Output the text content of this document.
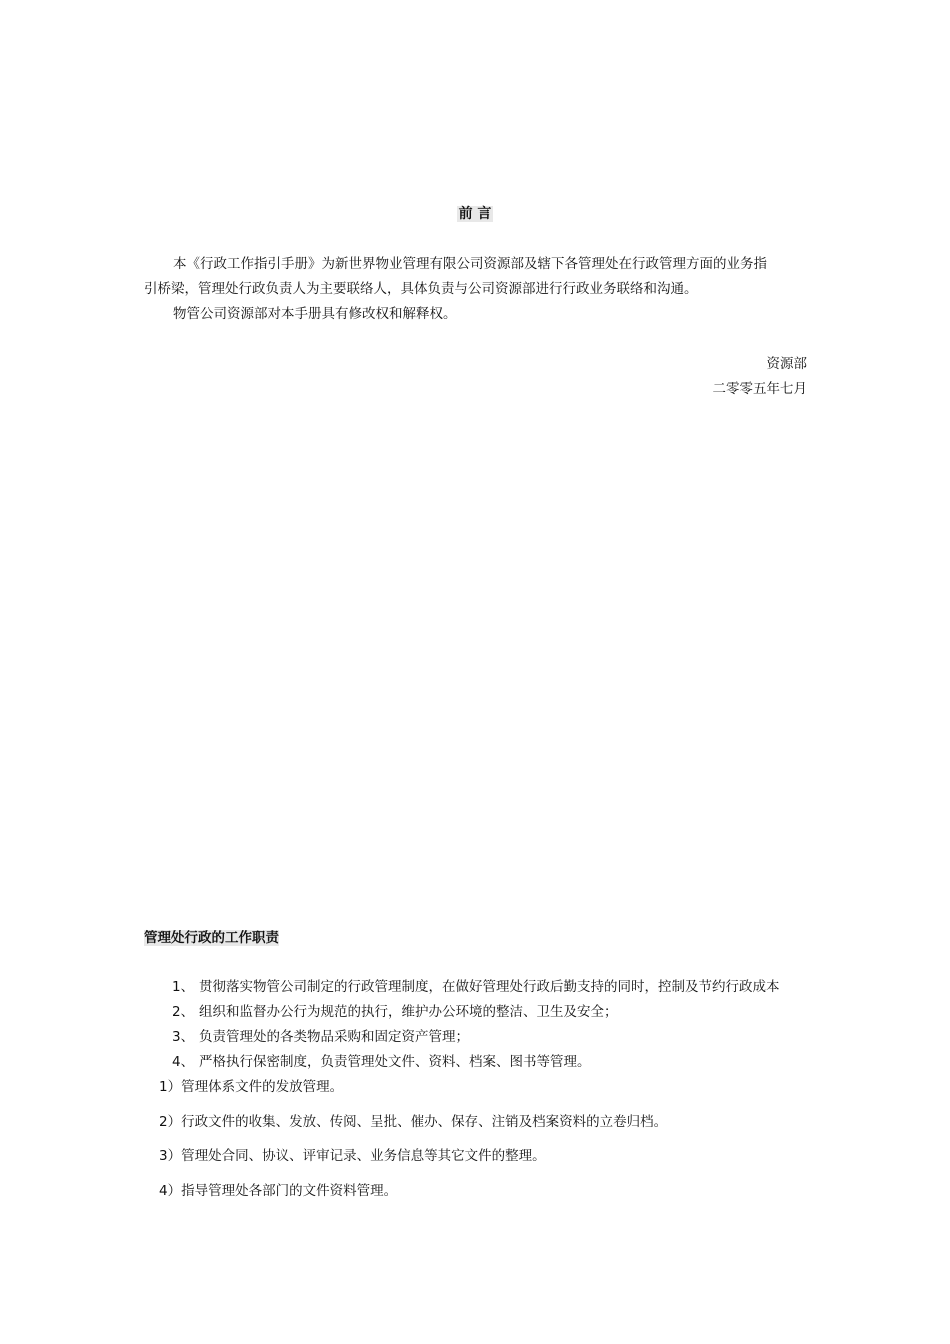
前 言
本《行政工作指引手册》为新世界物业管理有限公司资源部及辖下各管理处在行政管理方面的业务指
引桥梁，管理处行政负责人为主要联络人，具体负责与公司资源部进行行政业务联络和沟通。
物管公司资源部对本手册具有修改权和解释权。
资源部
二零零五年七月
管理处行政的工作职责
1、 贯彻落实物管公司制定的行政管理制度，在做好管理处行政后勤支持的同时，控制及节约行政成本
2、 组织和监督办公行为规范的执行，维护办公环境的整洁、卫生及安全；
3、 负责管理处的各类物品采购和固定资产管理；
4、 严格执行保密制度，负责管理处文件、资料、档案、图书等管理。
1）管理体系文件的发放管理。
2）行政文件的收集、发放、传阅、呈批、催办、保存、注销及档案资料的立卷归档。
3）管理处合同、协议、评审记录、业务信息等其它文件的整理。
4）指导管理处各部门的文件资料管理。
